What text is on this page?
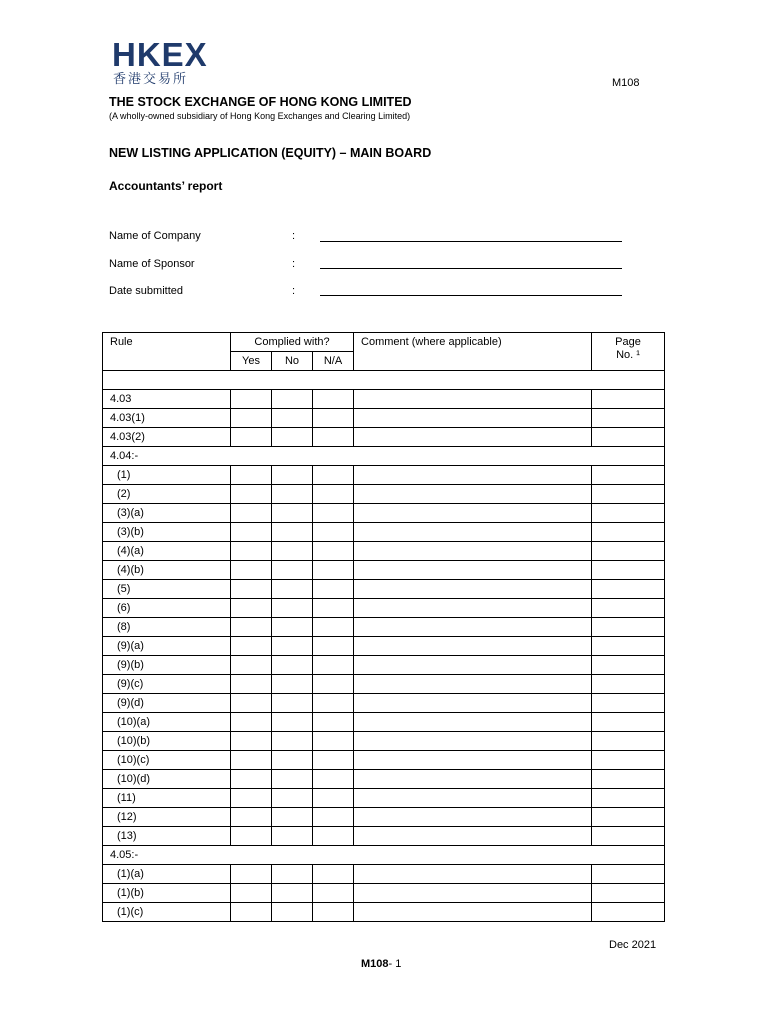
HKEX
香港交易所	M108
THE STOCK EXCHANGE OF HONG KONG LIMITED
(A wholly-owned subsidiary of Hong Kong Exchanges and Clearing Limited)
NEW LISTING APPLICATION (EQUITY) – MAIN BOARD
Accountants’ report
Name of Company	:
Name of Sponsor	:
Date submitted	:
Rule	Complied with?			Comment (where applicable)	Page
No. ¹

	Yes	No	N/A		

4.03					
4.03(1)					
4.03(2)					
4.04:-					
(1)					
(2)					
(3)(a)					
(3)(b)					
(4)(a)					
(4)(b)					
(5)					
(6)					
(8)					
(9)(a)					
(9)(b)					
(9)(c)					
(9)(d)					
(10)(a)					
(10)(b)					
(10)(c)					
(10)(d)					
(11)					
(12)					
(13)					
4.05:-					
(1)(a)					
(1)(b)					
(1)(c)					
Dec 2021
M108- 1
